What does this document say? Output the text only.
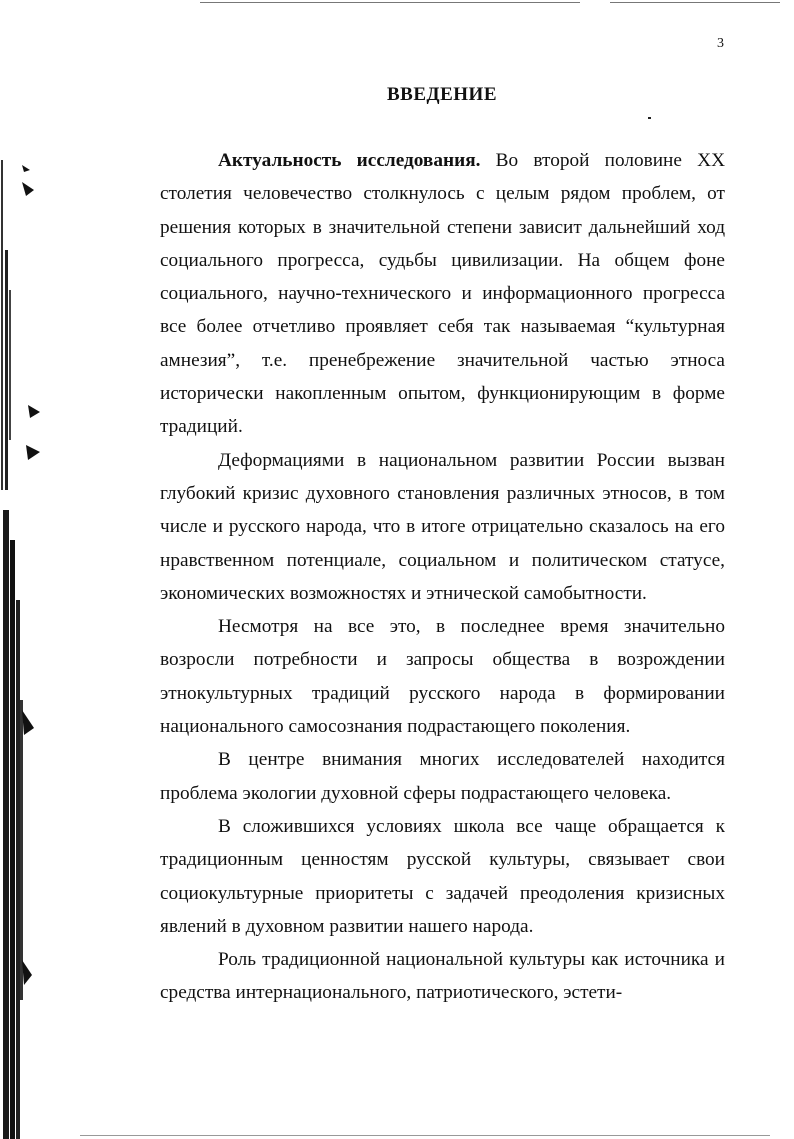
3
ВВЕДЕНИЕ

Актуальность исследования. Во второй половине XX столетия человечество столкнулось с целым рядом проблем, от решения которых в значительной степени зависит дальнейший ход социального прогресса, судьбы цивилизации. На общем фоне социального, научно-технического и информационного прогресса все более отчетливо проявляет себя так называемая “культурная амнезия”, т.е. пренебрежение значительной частью этноса исторически накопленным опытом, функционирующим в форме традиций.

Деформациями в национальном развитии России вызван глубокий кризис духовного становления различных этносов, в том числе и русского народа, что в итоге отрицательно сказалось на его нравственном потенциале, социальном и политическом статусе, экономических возможностях и этнической самобытности.

Несмотря на все это, в последнее время значительно возросли потребности и запросы общества в возрождении этнокультурных традиций русского народа в формировании национального самосознания подрастающего поколения.

В центре внимания многих исследователей находится проблема экологии духовной сферы подрастающего человека.

В сложившихся условиях школа все чаще обращается к традиционным ценностям русской культуры, связывает свои социокультурные приоритеты с задачей преодоления кризисных явлений в духовном развитии нашего народа.

Роль традиционной национальной культуры как источника и средства интернационального, патриотического, эстети-
